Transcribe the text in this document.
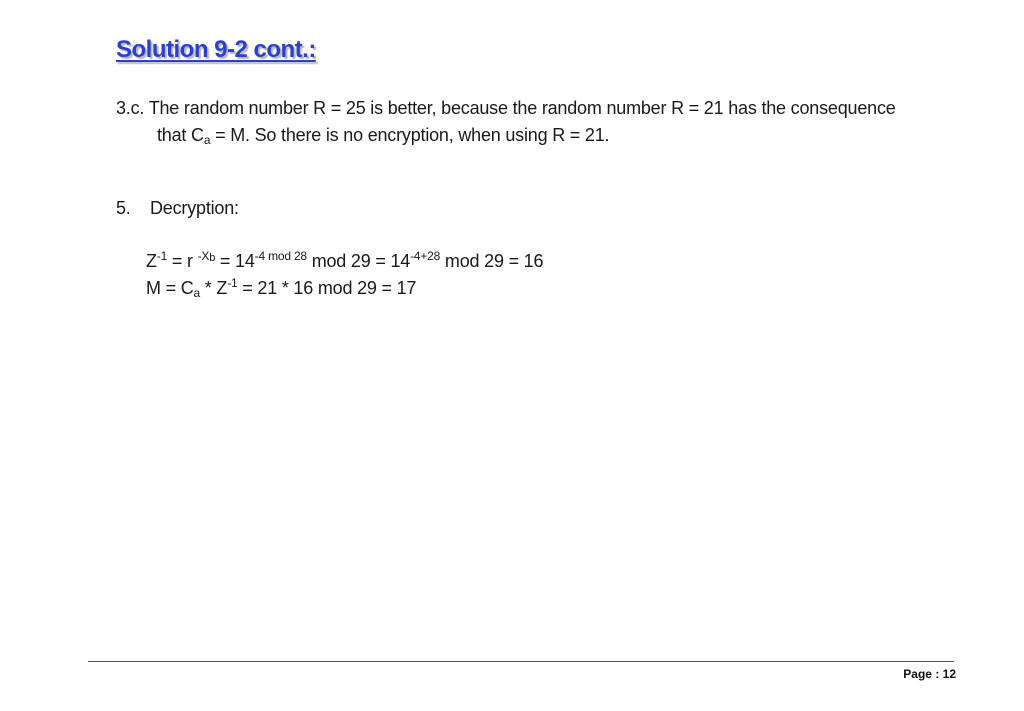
Solution 9-2 cont.:
3.c. The random number R = 25 is better, because the random number R = 21 has the consequence
that $C_a = M$. So there is no encryption, when using R = 21.
5. Decryption:
$Z^{-1} = r$ $^{-X_b} = 14^{-4 mod 28}$ mod $29 = 14^{-4+28}$ mod 29 = 16
$M = C_a * Z^{-1} = 21 * 16$ mod 29 = 17
Page : 12
